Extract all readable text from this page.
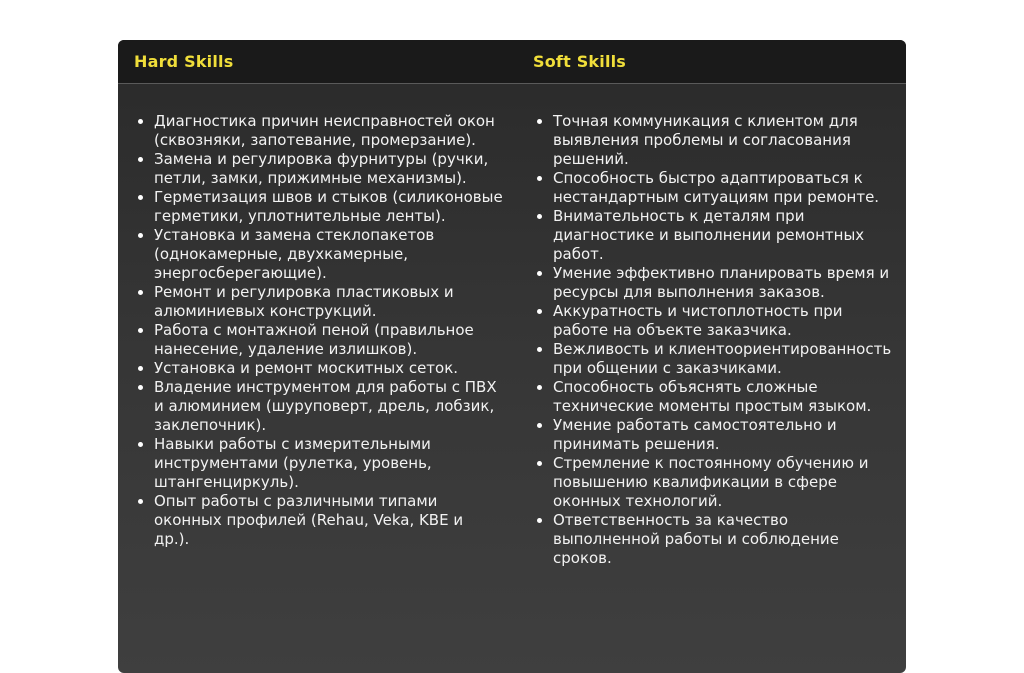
Hard Skills	Soft Skills
• Диагностика причин неисправностей окон (сквозняки, запотевание, промерзание).
• Замена и регулировка фурнитуры (ручки, петли, замки, прижимные механизмы).
• Герметизация швов и стыков (силиконовые герметики, уплотнительные ленты).
• Установка и замена стеклопакетов (однокамерные, двухкамерные, энергосберегающие).
• Ремонт и регулировка пластиковых и алюминиевых конструкций.
• Работа с монтажной пеной (правильное нанесение, удаление излишков).
• Установка и ремонт москитных сеток.
• Владение инструментом для работы с ПВХ и алюминием (шуруповерт, дрель, лобзик, заклепочник).
• Навыки работы с измерительными инструментами (рулетка, уровень, штангенциркуль).
• Опыт работы с различными типами оконных профилей (Rehau, Veka, KBE и др.).
• Точная коммуникация с клиентом для выявления проблемы и согласования решений.
• Способность быстро адаптироваться к нестандартным ситуациям при ремонте.
• Внимательность к деталям при диагностике и выполнении ремонтных работ.
• Умение эффективно планировать время и ресурсы для выполнения заказов.
• Аккуратность и чистоплотность при работе на объекте заказчика.
• Вежливость и клиентоориентированность при общении с заказчиками.
• Способность объяснять сложные технические моменты простым языком.
• Умение работать самостоятельно и принимать решения.
• Стремление к постоянному обучению и повышению квалификации в сфере оконных технологий.
• Ответственность за качество выполненной работы и соблюдение сроков.
